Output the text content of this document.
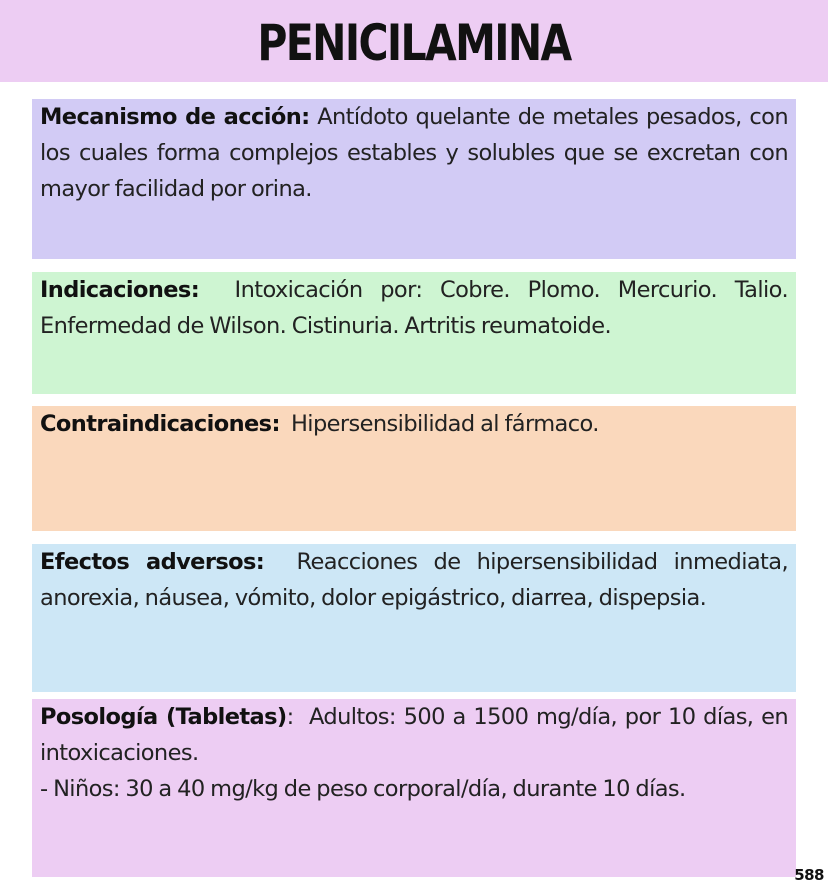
PENICILAMINA

Mecanismo de acción: Antídoto quelante de metales pesados, con los cuales forma complejos estables y solubles que se excretan con mayor facilidad por orina.

Indicaciones: Intoxicación por: Cobre. Plomo. Mercurio. Talio. Enfermedad de Wilson. Cistinuria. Artritis reumatoide.

Contraindicaciones: Hipersensibilidad al fármaco.

Efectos adversos: Reacciones de hipersensibilidad inmediata, anorexia, náusea, vómito, dolor epigástrico, diarrea, dispepsia.

Posología (Tabletas): Adultos: 500 a 1500 mg/día, por 10 días, en intoxicaciones.

- Niños: 30 a 40 mg/kg de peso corporal/día, durante 10 días.

588
